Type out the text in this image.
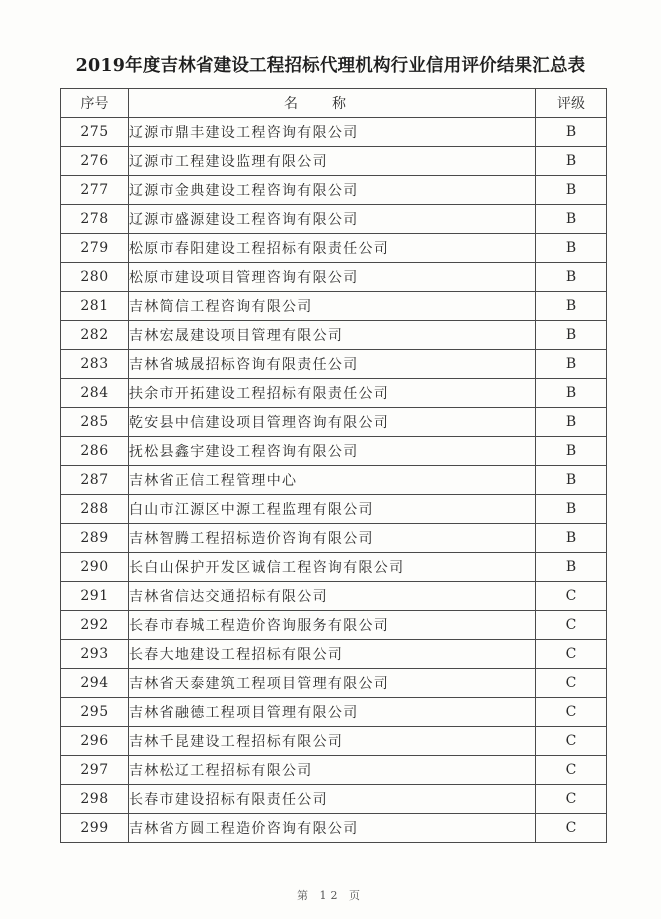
2019年度吉林省建设工程招标代理机构行业信用评价结果汇总表
序号	名称	评级
275	辽源市鼎丰建设工程咨询有限公司	B
276	辽源市工程建设监理有限公司	B
277	辽源市金典建设工程咨询有限公司	B
278	辽源市盛源建设工程咨询有限公司	B
279	松原市春阳建设工程招标有限责任公司	B
280	松原市建设项目管理咨询有限公司	B
281	吉林简信工程咨询有限公司	B
282	吉林宏晟建设项目管理有限公司	B
283	吉林省城晟招标咨询有限责任公司	B
284	扶余市开拓建设工程招标有限责任公司	B
285	乾安县中信建设项目管理咨询有限公司	B
286	抚松县鑫宇建设工程咨询有限公司	B
287	吉林省正信工程管理中心	B
288	白山市江源区中源工程监理有限公司	B
289	吉林智腾工程招标造价咨询有限公司	B
290	长白山保护开发区诚信工程咨询有限公司	B
291	吉林省信达交通招标有限公司	C
292	长春市春城工程造价咨询服务有限公司	C
293	长春大地建设工程招标有限公司	C
294	吉林省天泰建筑工程项目管理有限公司	C
295	吉林省融德工程项目管理有限公司	C
296	吉林千昆建设工程招标有限公司	C
297	吉林松辽工程招标有限公司	C
298	长春市建设招标有限责任公司	C
299	吉林省方圆工程造价咨询有限公司	C
第 12 页
